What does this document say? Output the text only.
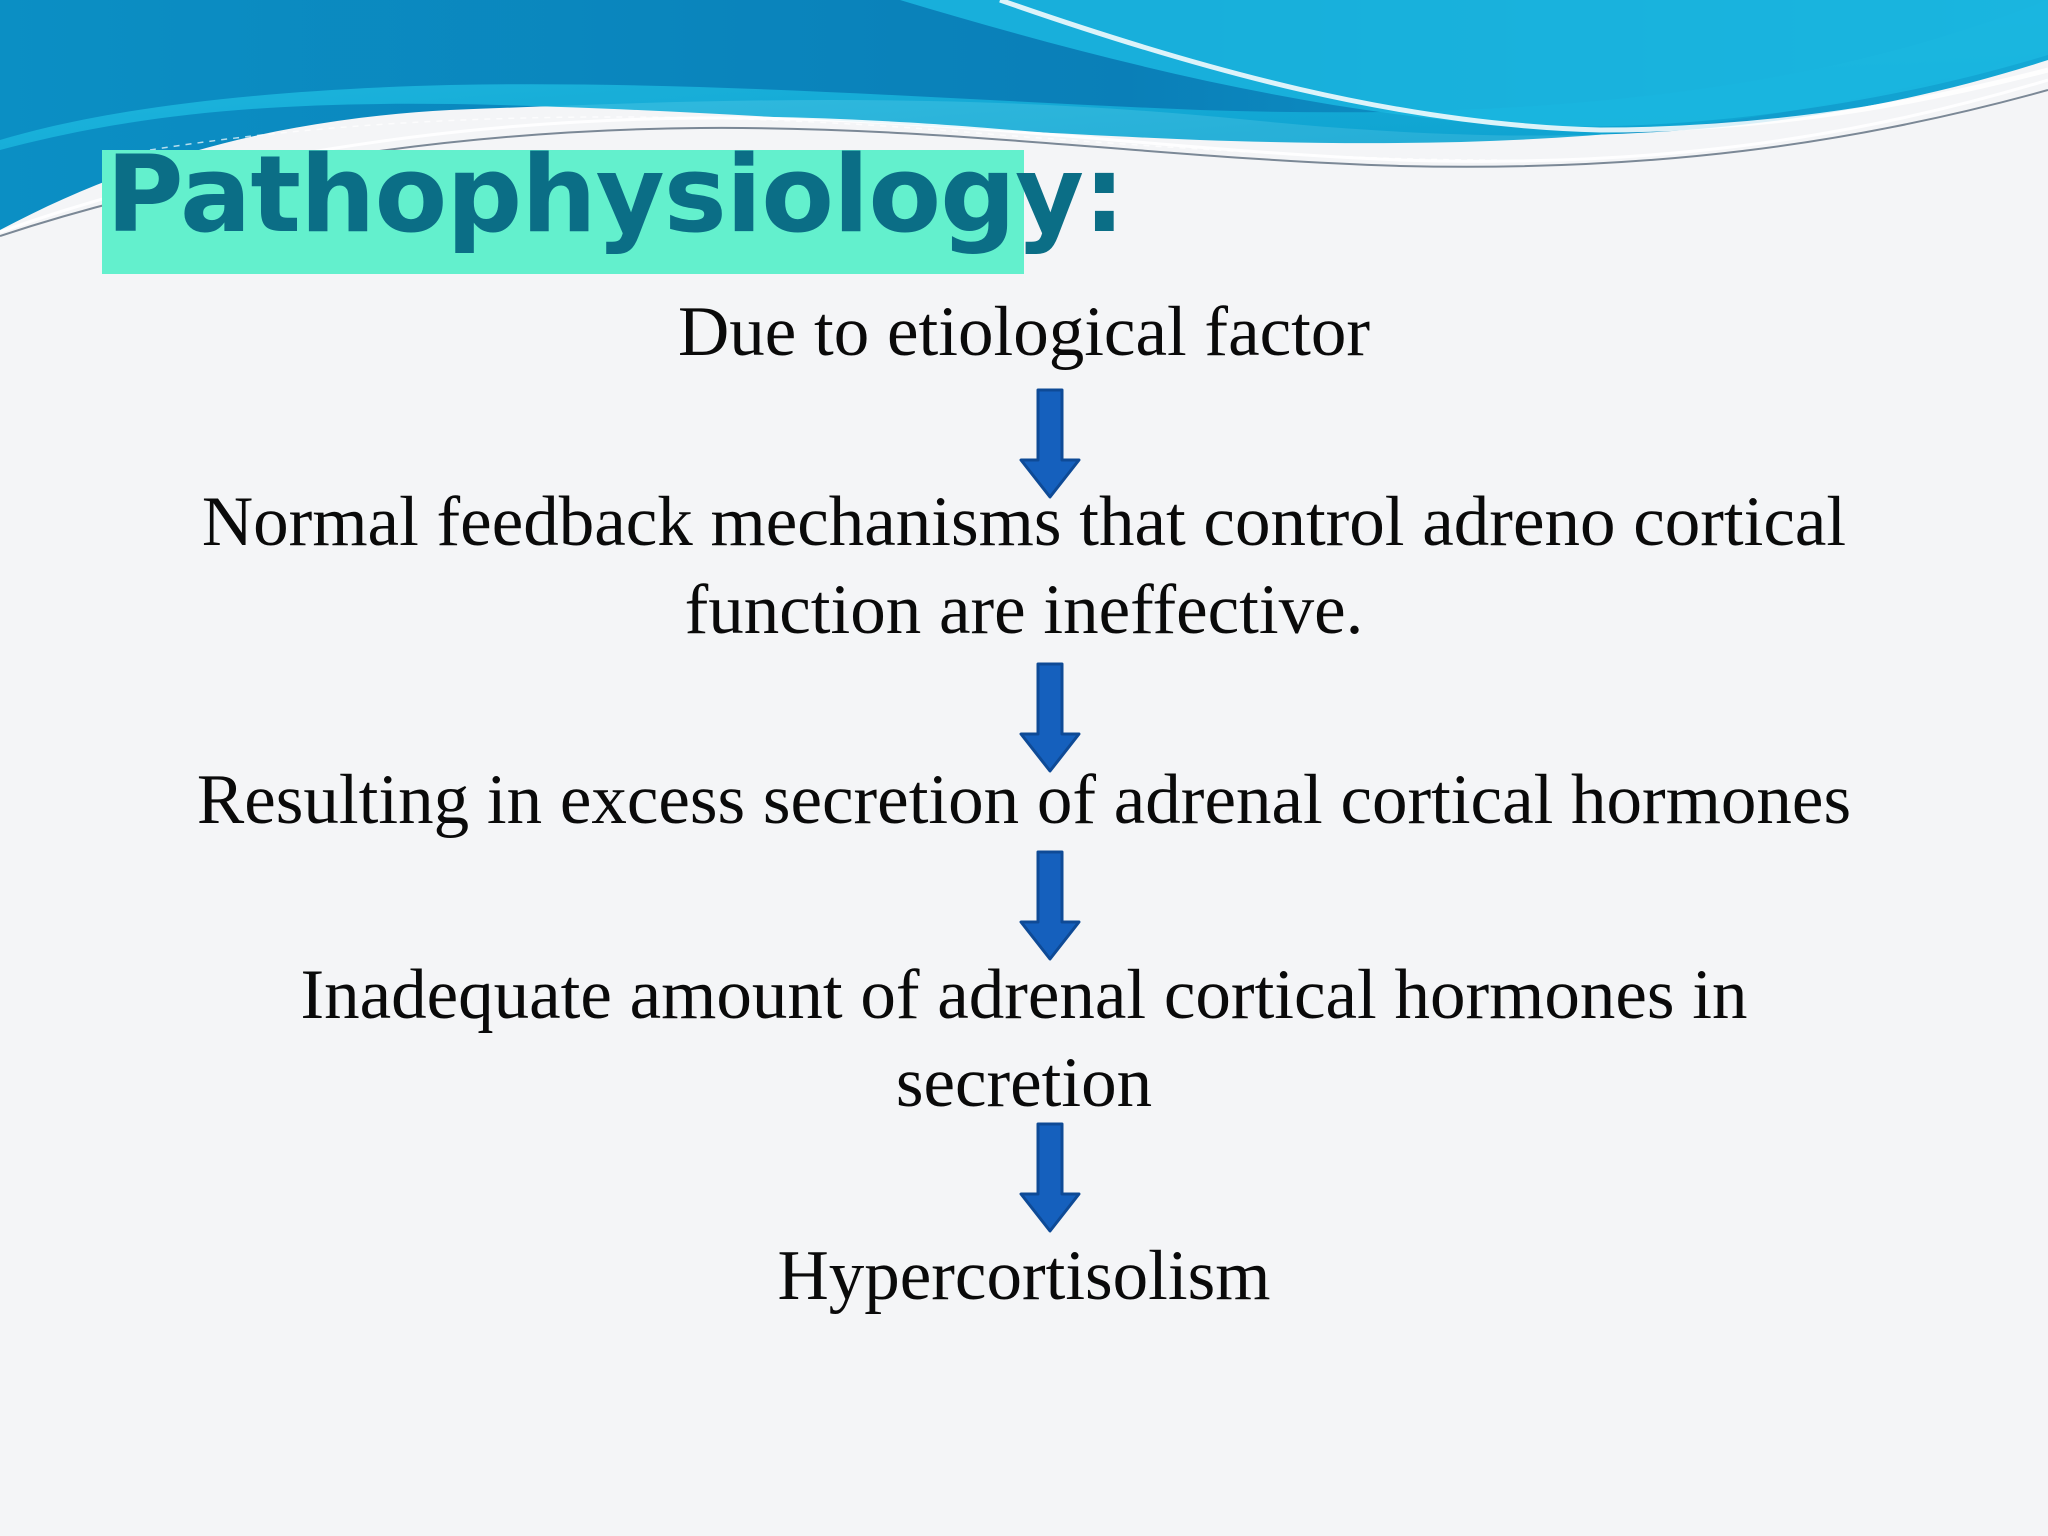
Pathophysiology:
Due to etiological factor
Normal feedback mechanisms that control adreno cortical
function are ineffective.
Resulting in excess secretion of adrenal cortical hormones
Inadequate amount of adrenal cortical hormones in
secretion
Hypercortisolism
